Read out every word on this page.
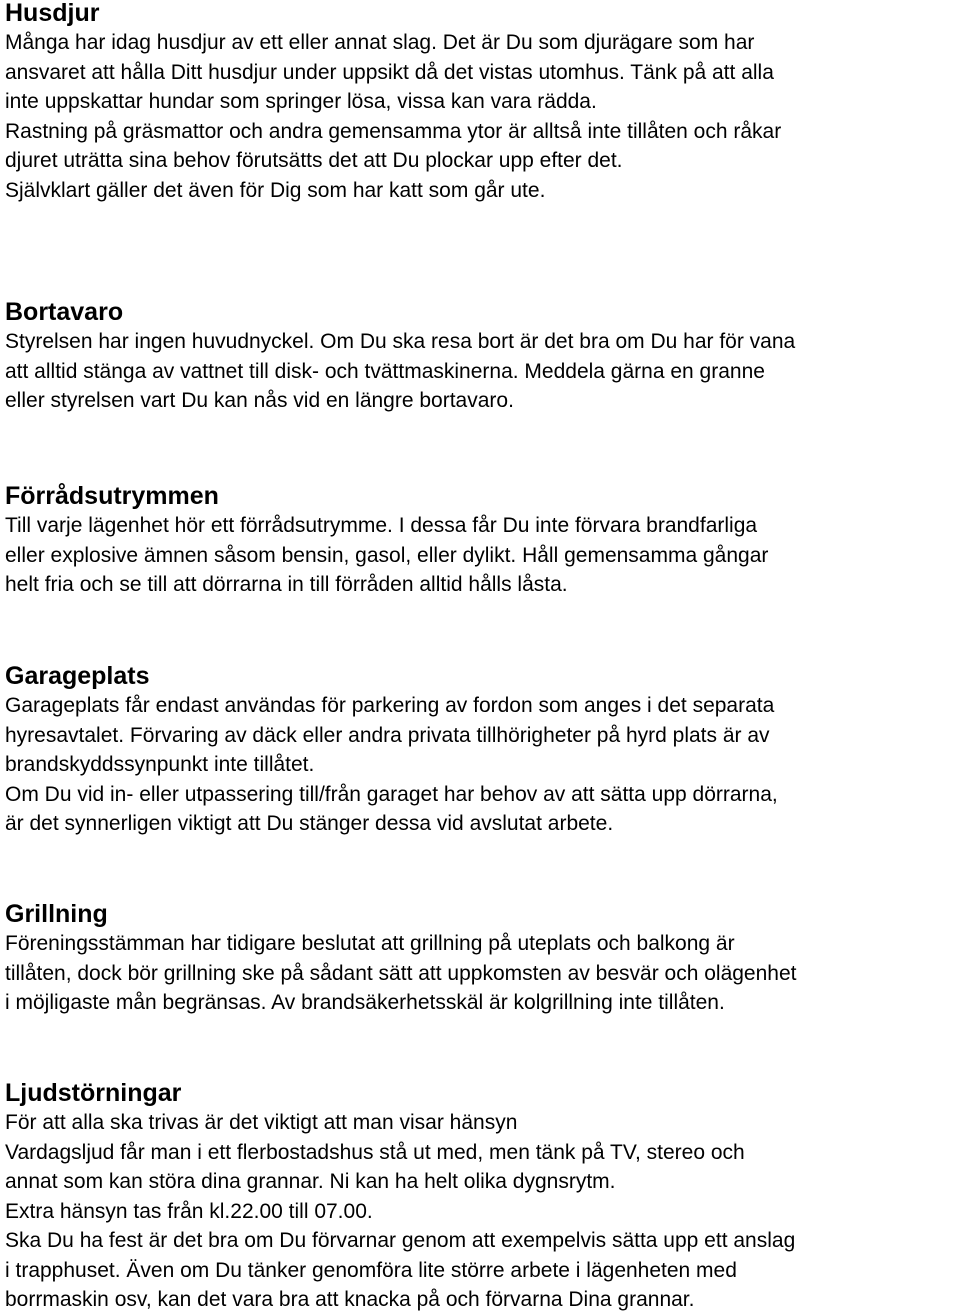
Husdjur

Många har idag husdjur av ett eller annat slag. Det är Du som djurägare som har
ansvaret att hålla Ditt husdjur under uppsikt då det vistas utomhus. Tänk på att alla
inte uppskattar hundar som springer lösa, vissa kan vara rädda.
Rastning på gräsmattor och andra gemensamma ytor är alltså inte tillåten och råkar
djuret uträtta sina behov förutsätts det att Du plockar upp efter det.
Självklart gäller det även för Dig som har katt som går ute.

Bortavaro

Styrelsen har ingen huvudnyckel. Om Du ska resa bort är det bra om Du har för vana
att alltid stänga av vattnet till disk- och tvättmaskinerna. Meddela gärna en granne
eller styrelsen vart Du kan nås vid en längre bortavaro.

Förrådsutrymmen

Till varje lägenhet hör ett förrådsutrymme. I dessa får Du inte förvara brandfarliga
eller explosive ämnen såsom bensin, gasol, eller dylikt. Håll gemensamma gångar
helt fria och se till att dörrarna in till förråden alltid hålls låsta.

Garageplats

Garageplats får endast användas för parkering av fordon som anges i det separata
hyresavtalet. Förvaring av däck eller andra privata tillhörigheter på hyrd plats är av
brandskyddssynpunkt inte tillåtet.
Om Du vid in- eller utpassering till/från garaget har behov av att sätta upp dörrarna,
är det synnerligen viktigt att Du stänger dessa vid avslutat arbete.

Grillning

Föreningsstämman har tidigare beslutat att grillning på uteplats och balkong är
tillåten, dock bör grillning ske på sådant sätt att uppkomsten av besvär och olägenhet
i möjligaste mån begränsas. Av brandsäkerhetsskäl är kolgrillning inte tillåten.

Ljudstörningar

För att alla ska trivas är det viktigt att man visar hänsyn
Vardagsljud får man i ett flerbostadshus stå ut med, men tänk på TV, stereo och
annat som kan störa dina grannar. Ni kan ha helt olika dygnsrytm.
Extra hänsyn tas från kl.22.00 till 07.00.
Ska Du ha fest är det bra om Du förvarnar genom att exempelvis sätta upp ett anslag
i trapphuset. Även om Du tänker genomföra lite större arbete i lägenheten med
borrmaskin osv, kan det vara bra att knacka på och förvarna Dina grannar.
